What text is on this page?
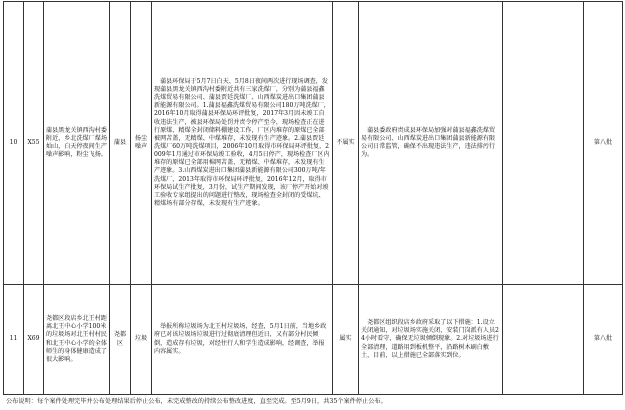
10	X55	蒲县黑龙关镇西沟村委附近，乡北洗煤厂煤场灿山，白天停夜间生产噪声影响，粉尘飞扬。	蒲县	扬尘噪声	蒲县环保局于5月7日白天、5月8日夜间两次进行现场调查，发现蒲县黑龙关镇西沟村委附近共有三家洗煤厂，分别为蒲县福鑫洗煤贸易有限公司、蒲县贾廷洗煤厂、山西煤炭进出口集团蒲县新能源有限公司。1.蒲县福鑫洗煤贸易有限公司180万吨洗煤厂，2016年10月取得蒲县环保局环评批复，2017年3月因未竣工自收违法生产，被县环保局处罚并责令停产至今，现场检查正在进行原煤、精煤全封闭储料棚建设工作，厂区内堆存的原煤已全部被网苫盖，无精煤、中煤堆存，未发现有生产迹象。2.蒲县贾廷洗煤厂60万吨洗煤项目，2006年10月取得市环保局环评批复，2009年1月通过市环保局竣工验收，4月5日停产，现场检查厂区内堆存的原煤已全部用棉网苫盖，无精煤、中煤堆存，未发现有生产迹象。3.山西煤炭进出口集团蒲县新能源有限公司300万吨/年洗煤厂，2013年取得市环保局环评批复，2016年12月，取得市环保局试生产批复，3月份，试生产期间发现，该厂停产开始对竣工验收专家组提出的问题进行整改，现场检查全封闭的受煤坑、精煤场有部分存煤，未发现有生产迹象。	不属实	蒲县委政府责成县环保局加强对蒲县福鑫洗煤贸易有限公司、山西煤炭进出口集团蒲县新能源有限公司日常监管，确保不出现违法生产，违法排污行为。		第八批
11	X69	尧都区段店乡北王村距离北王中心小学100米的垃圾场对北王村村民和北王中心小学的全体师生的身体健康造成了很大影响。	尧都区	垃圾	举报所称垃圾场为北王村垃圾场，经查，5月1日前，当地乡政府已对该垃圾场垃圾进行过彻底清理但近日，又有部分村民倾倒，造成存有垃圾，对经往行人和学生造成影响，经调查，举报内容属实。	属实	尧都区组织段店乡政府采取了以下措施：1.设立关闭通知，对垃圾场实施关闭，安装门岗派有人员24小时看守，确保无垃圾倾倒现象。2.对垃圾场进行全部清理，道路用到板机整平，沿路树木刷白敷土，目前，以上措施已全部落实到位。		第八批
公布说明：每个案件处理完毕并公布处理结果后停止公布，未完成整改的持续公布整改进度，直至完成。至5月9日，共35个案件停止公布。
